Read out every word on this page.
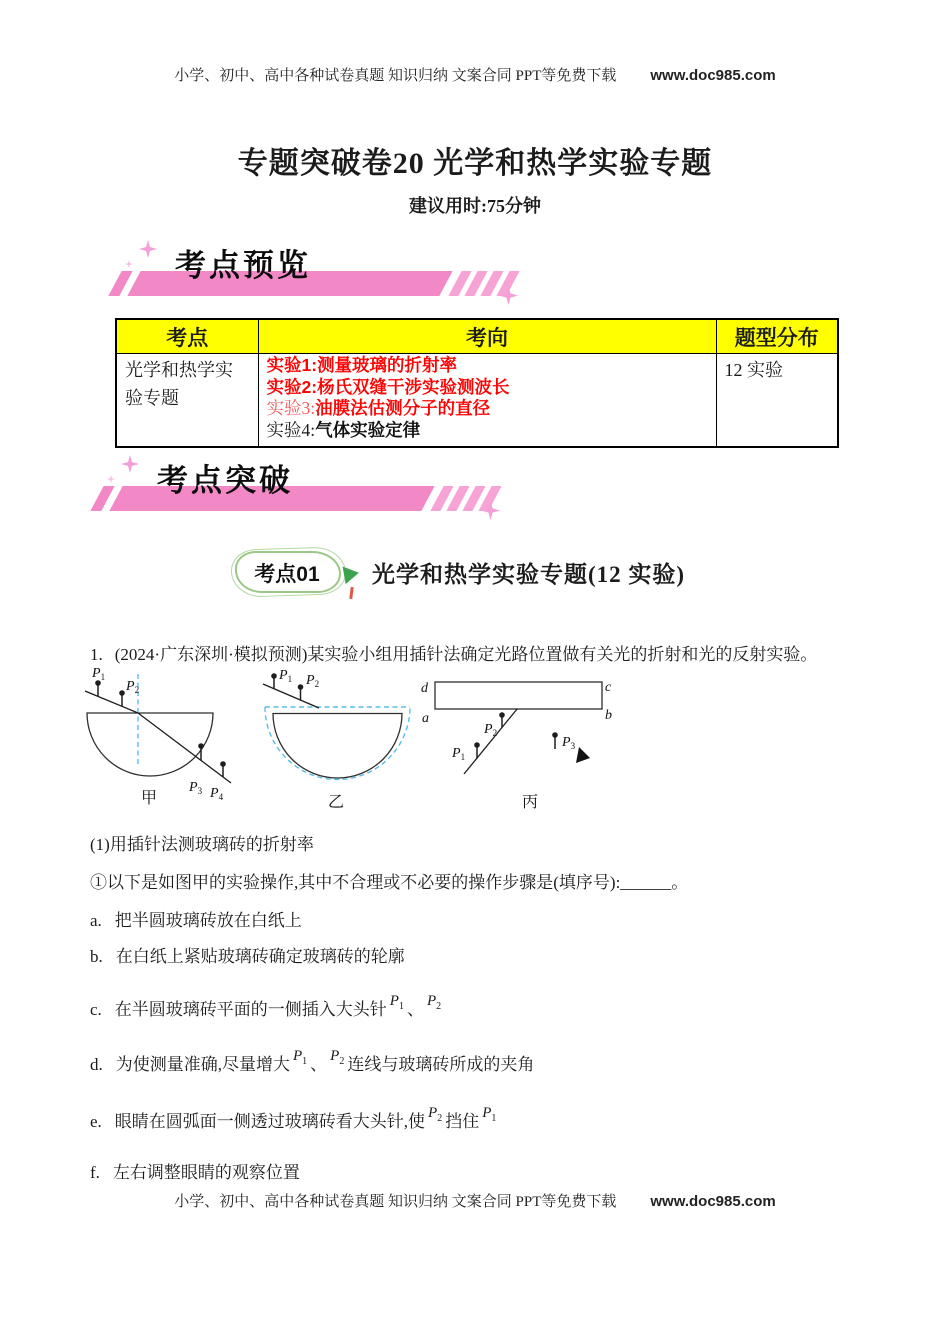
小学、初中、高中各种试卷真题 知识归纳 文案合同 PPT等免费下载 www.doc985.com
专题突破卷20 光学和热学实验专题
建议用时:75分钟
考点预览
考点	考向	题型分布
光学和热学实验专题	实验1:测量玻璃的折射率
实验2:杨氏双缝干涉实验测波长
实验3:油膜法估测分子的直径
实验4:气体实验定律	12 实验
考点突破
考点01	光学和热学实验专题(12 实验)
1. (2024·广东深圳·模拟预测)某实验小组用插针法确定光路位置做有关光的折射和光的反射实验。
$P_1$
$P_2$
$P_3$ $P_4$
甲
$P_1$ $P_2$
乙
d	c
a	b
$P_1$
$P_2$
$P_3$
丙
(1)用插针法测玻璃砖的折射率
①以下是如图甲的实验操作,其中不合理或不必要的操作步骤是(填序号):______。
a. 把半圆玻璃砖放在白纸上
b. 在白纸上紧贴玻璃砖确定玻璃砖的轮廓
c. 在半圆玻璃砖平面的一侧插入大头针 $P_1$ 、 $P_2$
d. 为使测量准确,尽量增大 $P_1$ 、 $P_2$ 连线与玻璃砖所成的夹角
e. 眼睛在圆弧面一侧透过玻璃砖看大头针,使 $P_2$ 挡住 $P_1$
f. 左右调整眼睛的观察位置
小学、初中、高中各种试卷真题 知识归纳 文案合同 PPT等免费下载 www.doc985.com
